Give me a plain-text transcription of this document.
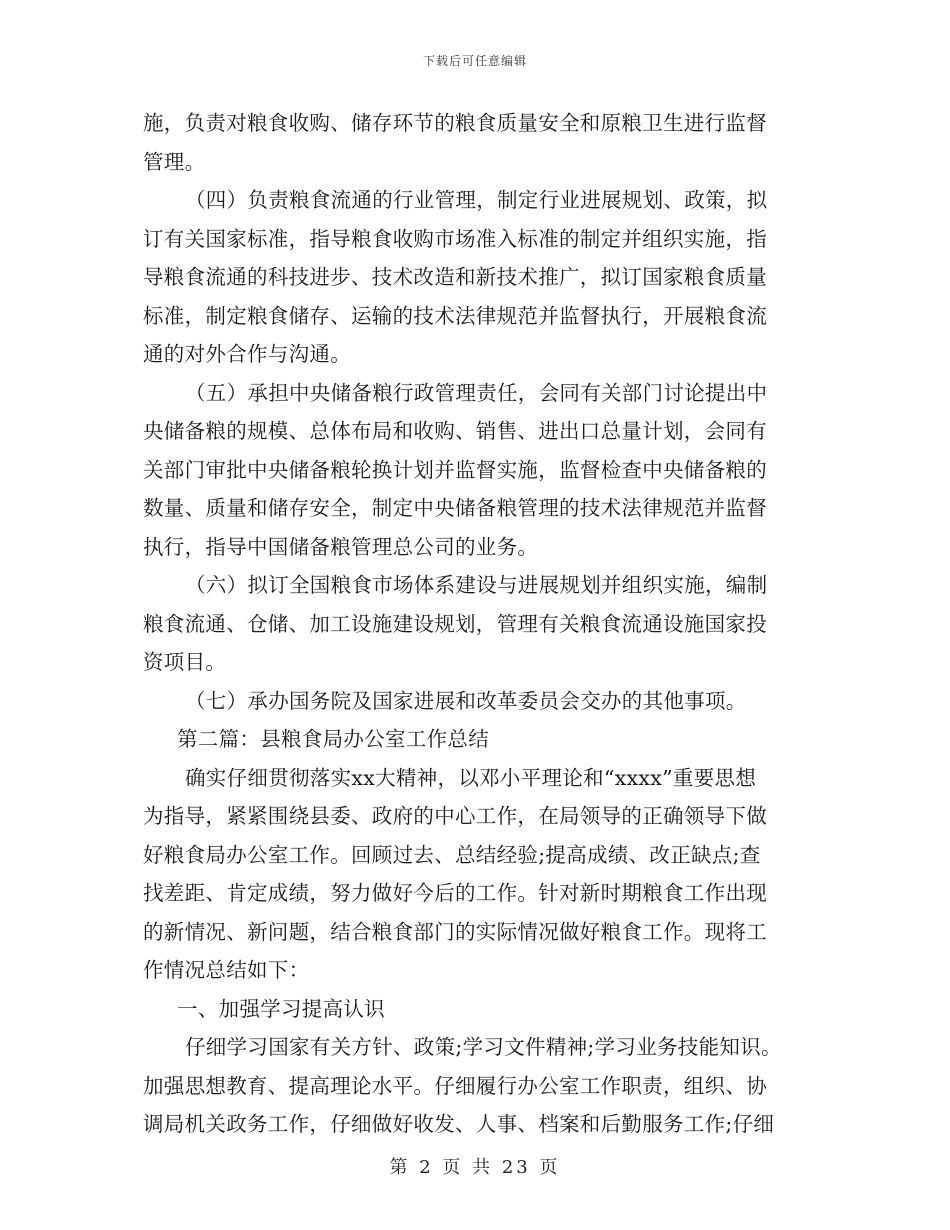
下载后可任意编辑
施，负责对粮食收购、储存环节的粮食质量安全和原粮卫生进行监督
管理。
（四）负责粮食流通的行业管理，制定行业进展规划、政策，拟
订有关国家标准，指导粮食收购市场准入标准的制定并组织实施，指
导粮食流通的科技进步、技术改造和新技术推广，拟订国家粮食质量
标准，制定粮食储存、运输的技术法律规范并监督执行，开展粮食流
通的对外合作与沟通。
（五）承担中央储备粮行政管理责任，会同有关部门讨论提出中
央储备粮的规模、总体布局和收购、销售、进出口总量计划，会同有
关部门审批中央储备粮轮换计划并监督实施，监督检查中央储备粮的
数量、质量和储存安全，制定中央储备粮管理的技术法律规范并监督
执行，指导中国储备粮管理总公司的业务。
（六）拟订全国粮食市场体系建设与进展规划并组织实施，编制
粮食流通、仓储、加工设施建设规划，管理有关粮食流通设施国家投
资项目。
（七）承办国务院及国家进展和改革委员会交办的其他事项。
第二篇：县粮食局办公室工作总结
确实仔细贯彻落实xx大精神，以邓小平理论和“xxxx”重要思想
为指导，紧紧围绕县委、政府的中心工作，在局领导的正确领导下做
好粮食局办公室工作。回顾过去、总结经验;提高成绩、改正缺点;查
找差距、肯定成绩，努力做好今后的工作。针对新时期粮食工作出现
的新情况、新问题，结合粮食部门的实际情况做好粮食工作。现将工
作情况总结如下：
一、加强学习提高认识
仔细学习国家有关方针、政策;学习文件精神;学习业务技能知识。
加强思想教育、提高理论水平。仔细履行办公室工作职责，组织、协
调局机关政务工作，仔细做好收发、人事、档案和后勤服务工作;仔细
第 2 页 共 23 页
